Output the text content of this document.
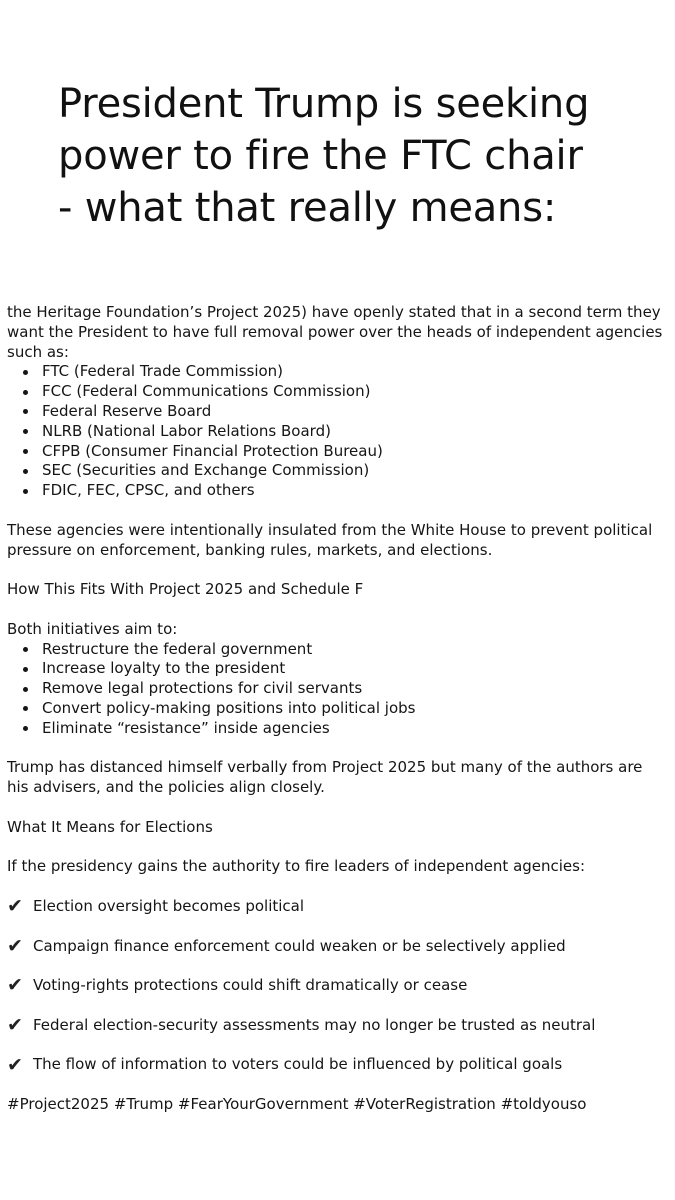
President Trump is seeking
power to fire the FTC chair
- what that really means:

the Heritage Foundation’s Project 2025) have openly stated that in a second term they
want the President to have full removal power over the heads of independent agencies
such as:

FTC (Federal Trade Commission)
FCC (Federal Communications Commission)
Federal Reserve Board
NLRB (National Labor Relations Board)
CFPB (Consumer Financial Protection Bureau)
SEC (Securities and Exchange Commission)
FDIC, FEC, CPSC, and others

These agencies were intentionally insulated from the White House to prevent political
pressure on enforcement, banking rules, markets, and elections.

How This Fits With Project 2025 and Schedule F

Both initiatives aim to:

Restructure the federal government
Increase loyalty to the president
Remove legal protections for civil servants
Convert policy-making positions into political jobs
Eliminate “resistance” inside agencies

Trump has distanced himself verbally from Project 2025 but many of the authors are
his advisers, and the policies align closely.

What It Means for Elections

If the presidency gains the authority to fire leaders of independent agencies:

✔ Election oversight becomes political
✔ Campaign finance enforcement could weaken or be selectively applied
✔ Voting-rights protections could shift dramatically or cease
✔ Federal election-security assessments may no longer be trusted as neutral
✔ The flow of information to voters could be influenced by political goals

#Project2025 #Trump #FearYourGovernment #VoterRegistration #toldyouso
